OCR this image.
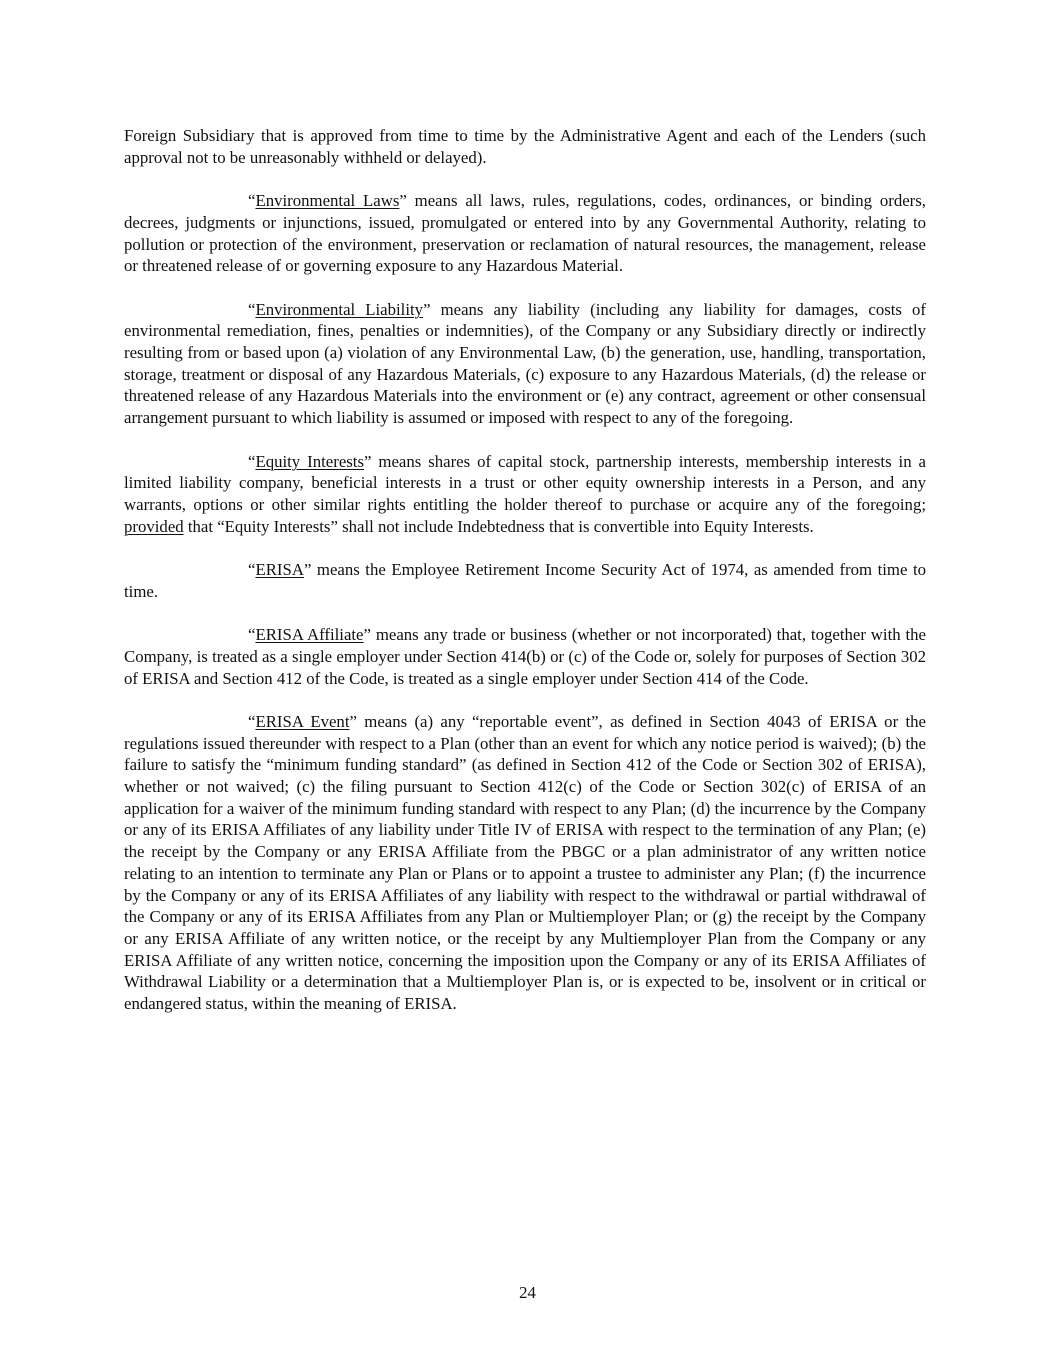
Foreign Subsidiary that is approved from time to time by the Administrative Agent and each of the Lenders (such approval not to be unreasonably withheld or delayed).

“Environmental Laws” means all laws, rules, regulations, codes, ordinances, or binding orders, decrees, judgments or injunctions, issued, promulgated or entered into by any Governmental Authority, relating to pollution or protection of the environment, preservation or reclamation of natural resources, the management, release or threatened release of or governing exposure to any Hazardous Material.

“Environmental Liability” means any liability (including any liability for damages, costs of environmental remediation, fines, penalties or indemnities), of the Company or any Subsidiary directly or indirectly resulting from or based upon (a) violation of any Environmental Law, (b) the generation, use, handling, transportation, storage, treatment or disposal of any Hazardous Materials, (c) exposure to any Hazardous Materials, (d) the release or threatened release of any Hazardous Materials into the environment or (e) any contract, agreement or other consensual arrangement pursuant to which liability is assumed or imposed with respect to any of the foregoing.

“Equity Interests” means shares of capital stock, partnership interests, membership interests in a limited liability company, beneficial interests in a trust or other equity ownership interests in a Person, and any warrants, options or other similar rights entitling the holder thereof to purchase or acquire any of the foregoing; provided that “Equity Interests” shall not include Indebtedness that is convertible into Equity Interests.

“ERISA” means the Employee Retirement Income Security Act of 1974, as amended from time to time.

“ERISA Affiliate” means any trade or business (whether or not incorporated) that, together with the Company, is treated as a single employer under Section 414(b) or (c) of the Code or, solely for purposes of Section 302 of ERISA and Section 412 of the Code, is treated as a single employer under Section 414 of the Code.

“ERISA Event” means (a) any “reportable event”, as defined in Section 4043 of ERISA or the regulations issued thereunder with respect to a Plan (other than an event for which any notice period is waived); (b) the failure to satisfy the “minimum funding standard” (as defined in Section 412 of the Code or Section 302 of ERISA), whether or not waived; (c) the filing pursuant to Section 412(c) of the Code or Section 302(c) of ERISA of an application for a waiver of the minimum funding standard with respect to any Plan; (d) the incurrence by the Company or any of its ERISA Affiliates of any liability under Title IV of ERISA with respect to the termination of any Plan; (e) the receipt by the Company or any ERISA Affiliate from the PBGC or a plan administrator of any written notice relating to an intention to terminate any Plan or Plans or to appoint a trustee to administer any Plan; (f) the incurrence by the Company or any of its ERISA Affiliates of any liability with respect to the withdrawal or partial withdrawal of the Company or any of its ERISA Affiliates from any Plan or Multiemployer Plan; or (g) the receipt by the Company or any ERISA Affiliate of any written notice, or the receipt by any Multiemployer Plan from the Company or any ERISA Affiliate of any written notice, concerning the imposition upon the Company or any of its ERISA Affiliates of Withdrawal Liability or a determination that a Multiemployer Plan is, or is expected to be, insolvent or in critical or endangered status, within the meaning of ERISA.

24
